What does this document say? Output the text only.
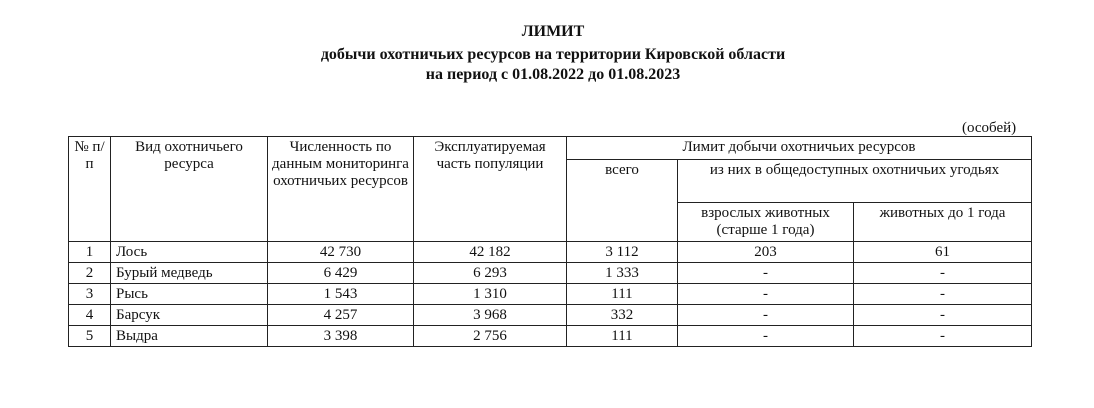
ЛИМИТ
добычи охотничьих ресурсов на территории Кировской области
на период с 01.08.2022 до 01.08.2023
(особей)
№ п/п	Вид охотничьего ресурса	Численность по данным мониторинга охотничьих ресурсов	Эксплуатируемая часть популяции	Лимит добычи охотничьих ресурсов		
				всего	из них в общедоступных охотничьих угодьях	
					взрослых животных (старше 1 года)	животных до 1 года
1	Лось	42 730	42 182	3 112	203	61
2	Бурый медведь	6 429	6 293	1 333	-	-
3	Рысь	1 543	1 310	111	-	-
4	Барсук	4 257	3 968	332	-	-
5	Выдра	3 398	2 756	111	-	-
